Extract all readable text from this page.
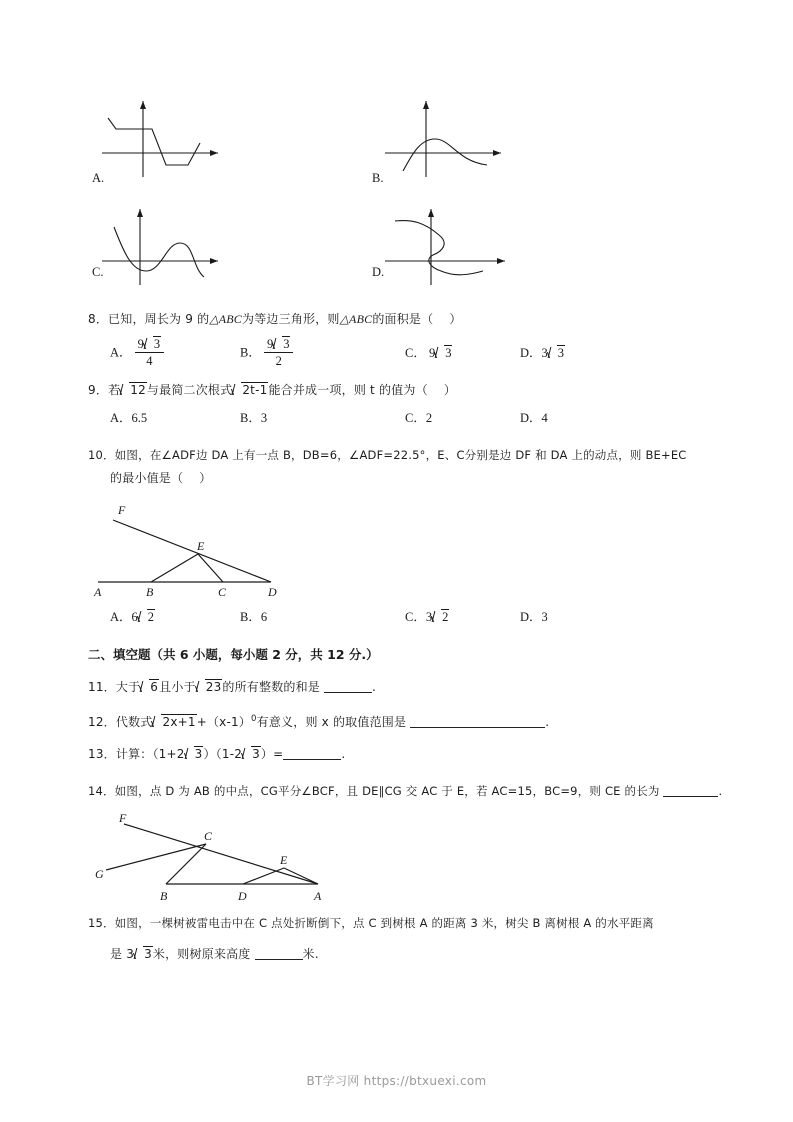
A.	B.
C.	D.
8．已知，周长为 9 的△ABC为等边三角形，则△ABC的面积是（ ）
A． $\frac{9 3}{4}$	B． $\frac{9 3}{2}$	C． 9 3	D．3 3
9．若 12与最简二次根式 2t-1能合并成一项，则 t 的值为（ ）
A．6.5	B．3	C．2	D．4
10．如图，在∠ADF边 DA 上有一点 B，DB=6，∠ADF=22.5°，E、C分别是边 DF 和 DA 上的动点，则 BE+EC
的最小值是（ ）
F
E
A	B	C	D
A．6 2	B．6	C．3 2	D．3
二、填空题（共 6 小题，每小题 2 分，共 12 分.）
11．大于 6且小于 23的所有整数的和是	.
12．代数式 $2x+1+(x-1)^0$有意义，则 x 的取值范围是	.
13．计算：（1+2 3）（1-2 3）=	.
14．如图，点 D 为 AB 的中点，CG平分∠BCF，且 DE∥CG 交 AC 于 E，若 AC=15，BC=9，则 CE 的长为	.
F
C
G
E
B	D	A
15．如图，一棵树被雷电击中在 C 点处折断倒下，点 C 到树根 A 的距离 3 米，树尖 B 离树根 A 的水平距离
是 3 3米，则树原来高度	米.
BT学习网 https://btxuexi.com
